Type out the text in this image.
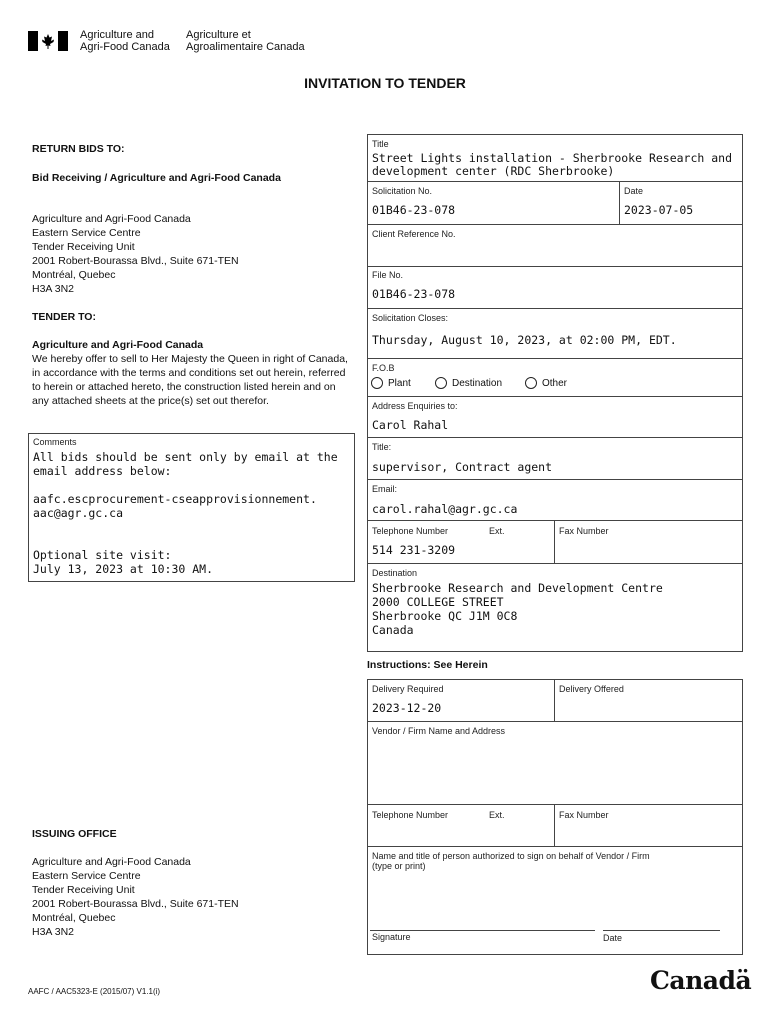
Agriculture and
Agri-Food Canada
Agriculture et
Agroalimentaire Canada
INVITATION TO TENDER
RETURN BIDS TO:
Bid Receiving / Agriculture and Agri-Food Canada
Agriculture and Agri-Food Canada
Eastern Service Centre
Tender Receiving Unit
2001 Robert-Bourassa Blvd., Suite 671-TEN
Montréal, Quebec
H3A 3N2
TENDER TO:
Agriculture and Agri-Food Canada
We hereby offer to sell to Her Majesty the Queen in right of Canada, in accordance with the terms and conditions set out herein, referred to herein or attached hereto, the construction listed herein and on any attached sheets at the price(s) set out therefor.
Comments
All bids should be sent only by email at the
email address below:

aafc.escprocurement-cseapprovisionnement.
aac@agr.gc.ca

Optional site visit:
July 13, 2023 at 10:30 AM.
ISSUING OFFICE
Agriculture and Agri-Food Canada
Eastern Service Centre
Tender Receiving Unit
2001 Robert-Bourassa Blvd., Suite 671-TEN
Montréal, Quebec
H3A 3N2
Title
Street Lights installation - Sherbrooke Research and
development center (RDC Sherbrooke)
Solicitation No.
01B46-23-078
Date
2023-07-05
Client Reference No.
File No.
01B46-23-078
Solicitation Closes:
Thursday, August 10, 2023, at 02:00 PM, EDT.
F.O.B
Plant	Destination	Other
Address Enquiries to:
Carol Rahal
Title:
supervisor, Contract agent
Email:
carol.rahal@agr.gc.ca
Telephone Number	Ext.	Fax Number
514 231-3209
Destination
Sherbrooke Research and Development Centre
2000 COLLEGE STREET
Sherbrooke QC J1M 0C8
Canada
Instructions: See Herein
Delivery Required
2023-12-20
Delivery Offered
Vendor / Firm Name and Address
Telephone Number	Ext.	Fax Number
Name and title of person authorized to sign on behalf of Vendor / Firm
(type or print)
Signature	Date
AAFC / AAC5323-E (2015/07) V1.1(i)	Canadä
